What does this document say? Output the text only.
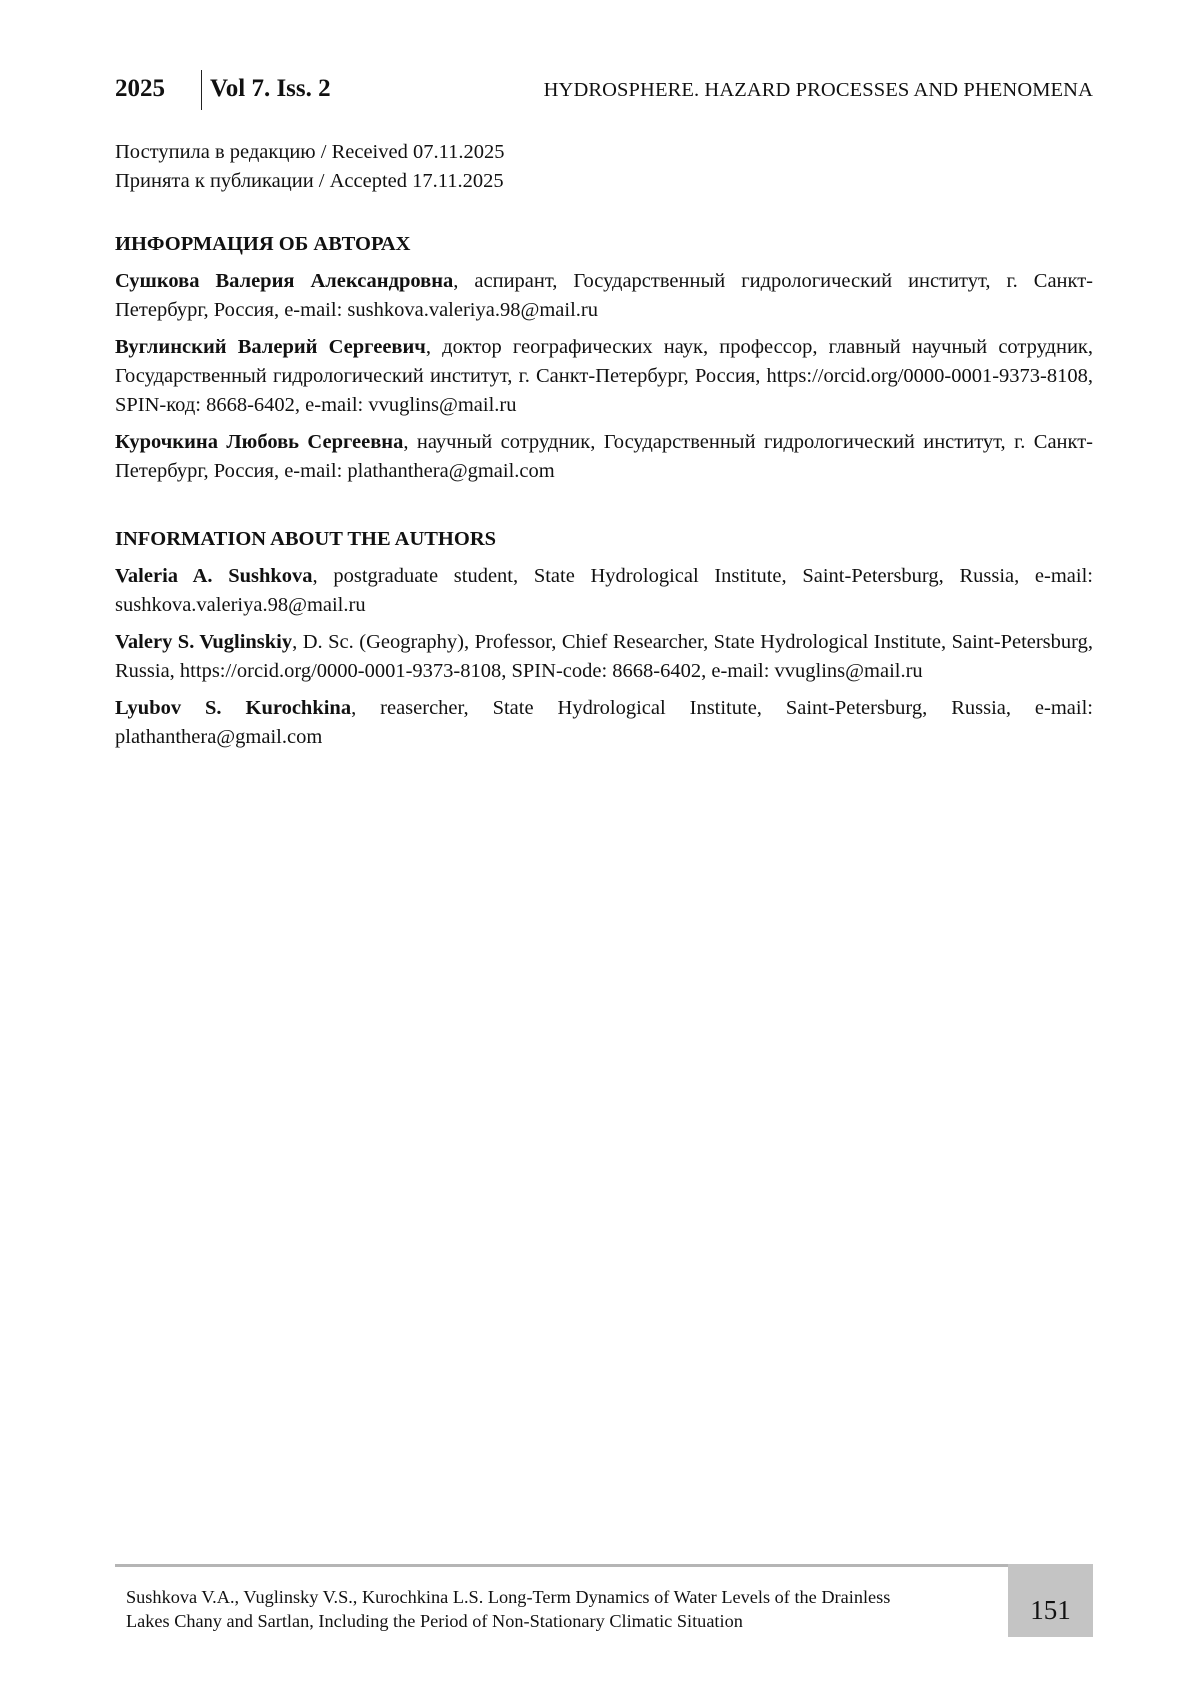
2025 Vol 7. Iss. 2	HYDROSPHERE. HAZARD PROCESSES AND PHENOMENA

Поступила в редакцию / Received 07.11.2025

Принята к публикации / Accepted 17.11.2025

ИНФОРМАЦИЯ ОБ АВТОРАХ

Сушкова Валерия Александровна, аспирант, Государственный гидрологический институт, г. Санкт-Петербург, Россия, e-mail: sushkova.valeriya.98@mail.ru

Вуглинский Валерий Сергеевич, доктор географических наук, профессор, главный научный сотрудник, Государственный гидрологический институт, г. Санкт-Петербург, Россия, https://orcid.org/0000-0001-9373-8108, SPIN-код: 8668-6402, e-mail: vvuglins@mail.ru

Курочкина Любовь Сергеевна, научный сотрудник, Государственный гидрологический институт, г. Санкт-Петербург, Россия, e-mail: plathanthera@gmail.com

INFORMATION ABOUT THE AUTHORS

Valeria A. Sushkova, postgraduate student, State Hydrological Institute, Saint-Petersburg, Russia, e-mail: sushkova.valeriya.98@mail.ru

Valery S. Vuglinskiy, D. Sc. (Geography), Professor, Chief Researcher, State Hydrological Institute, Saint-Petersburg, Russia, https://orcid.org/0000-0001-9373-8108, SPIN-code: 8668-6402, e-mail: vvuglins@mail.ru

Lyubov S. Kurochkina, reasercher, State Hydrological Institute, Saint-Petersburg, Russia, e-mail: plathanthera@gmail.com

Sushkova V.A., Vuglinsky V.S., Kurochkina L.S. Long-Term Dynamics of Water Levels of the Drainless
Lakes Chany and Sartlan, Including the Period of Non-Stationary Climatic Situation	151
